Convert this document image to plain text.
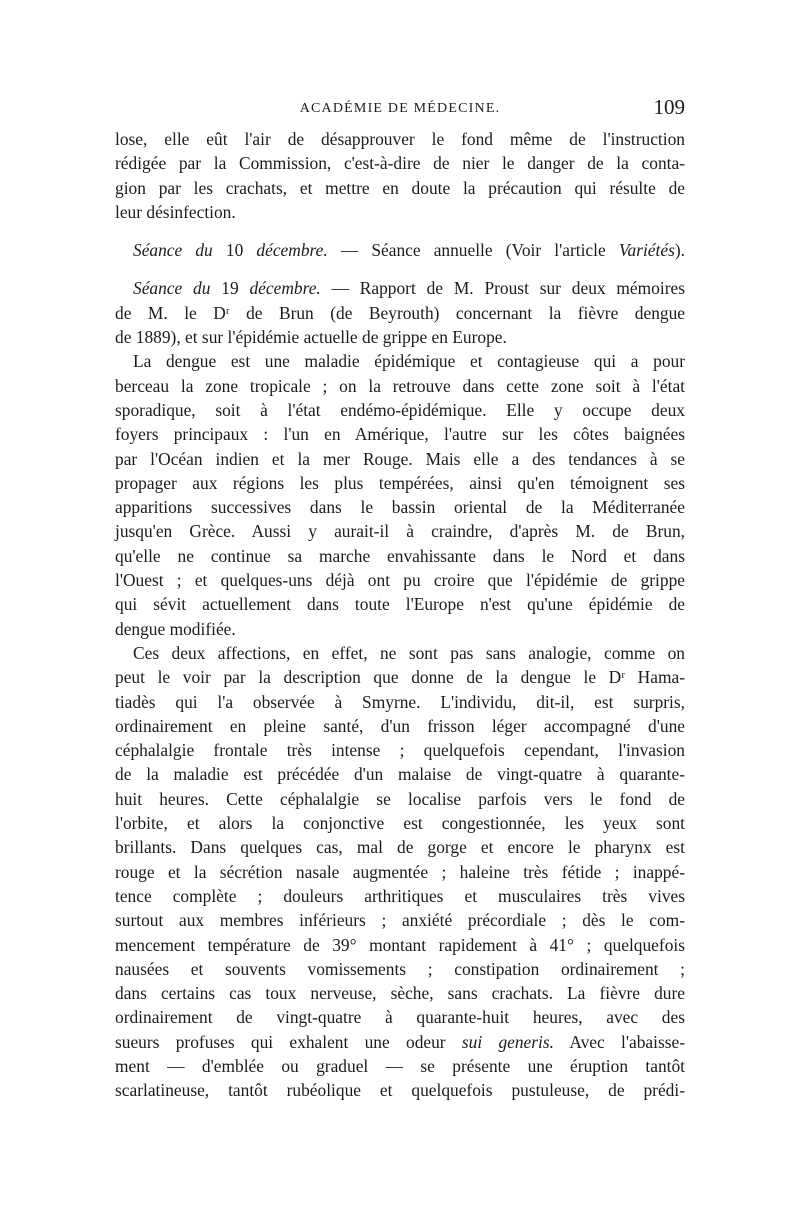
ACADÉMIE DE MÉDECINE.	109
lose, elle eût l'air de désapprouver le fond même de l'instruction
rédigée par la Commission, c'est-à-dire de nier le danger de la conta-
gion par les crachats, et mettre en doute la précaution qui résulte de
leur désinfection.
Séance du 10 décembre. — Séance annuelle (Voir l'article Variétés).
Séance du 19 décembre. — Rapport de M. Proust sur deux mémoires
de M. le Dʳ de Brun (de Beyrouth) concernant la fièvre dengue
de 1889), et sur l'épidémie actuelle de grippe en Europe.
La dengue est une maladie épidémique et contagieuse qui a pour
berceau la zone tropicale ; on la retrouve dans cette zone soit à l'état
sporadique, soit à l'état endémo-épidémique. Elle y occupe deux
foyers principaux : l'un en Amérique, l'autre sur les côtes baignées
par l'Océan indien et la mer Rouge. Mais elle a des tendances à se
propager aux régions les plus tempérées, ainsi qu'en témoignent ses
apparitions successives dans le bassin oriental de la Méditerranée
jusqu'en Grèce. Aussi y aurait-il à craindre, d'après M. de Brun,
qu'elle ne continue sa marche envahissante dans le Nord et dans
l'Ouest ; et quelques-uns déjà ont pu croire que l'épidémie de grippe
qui sévit actuellement dans toute l'Europe n'est qu'une épidémie de
dengue modifiée.
Ces deux affections, en effet, ne sont pas sans analogie, comme on
peut le voir par la description que donne de la dengue le Dʳ Hama-
tiadès qui l'a observée à Smyrne. L'individu, dit-il, est surpris,
ordinairement en pleine santé, d'un frisson léger accompagné d'une
céphalalgie frontale très intense ; quelquefois cependant, l'invasion
de la maladie est précédée d'un malaise de vingt-quatre à quarante-
huit heures. Cette céphalalgie se localise parfois vers le fond de
l'orbite, et alors la conjonctive est congestionnée, les yeux sont
brillants. Dans quelques cas, mal de gorge et encore le pharynx est
rouge et la sécrétion nasale augmentée ; haleine très fétide ; inappé-
tence complète ; douleurs arthritiques et musculaires très vives
surtout aux membres inférieurs ; anxiété précordiale ; dès le com-
mencement température de 39° montant rapidement à 41° ; quelquefois
nausées et souvents vomissements ; constipation ordinairement ;
dans certains cas toux nerveuse, sèche, sans crachats. La fièvre dure
ordinairement de vingt-quatre à quarante-huit heures, avec des
sueurs profuses qui exhalent une odeur sui generis. Avec l'abaisse-
ment — d'emblée ou graduel — se présente une éruption tantôt
scarlatineuse, tantôt rubéolique et quelquefois pustuleuse, de prédi-
